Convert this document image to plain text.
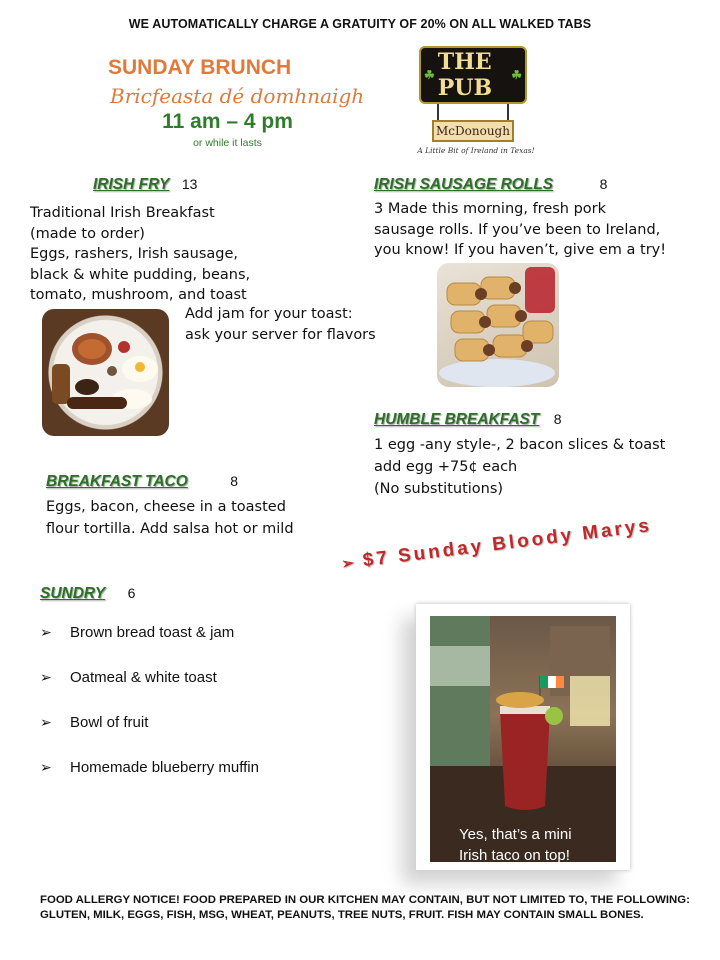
WE AUTOMATICALLY CHARGE A GRATUITY OF 20% ON ALL WALKED TABS
SUNDAY BRUNCH
Bricfeasta dé domhnaigh
11 am – 4 pm
or while it lasts
☘ THE PUB	☘
McDonough
A Little Bit of Ireland in Texas!
IRISH FRY 13
Traditional Irish Breakfast
(made to order)
Eggs, rashers, Irish sausage,
black & white pudding, beans,
tomato, mushroom, and toast
Add jam for your toast:
ask your server for flavors
IRISH SAUSAGE ROLLS	8
3 Made this morning, fresh pork
sausage rolls. If you’ve been to Ireland,
you know! If you haven’t, give em a try!
HUMBLE BREAKFAST 8
1 egg -any style-, 2 bacon slices & toast
add egg +75¢ each
(No substitutions)
BREAKFAST TACO	8
Eggs, bacon, cheese in a toasted
flour tortilla. Add salsa hot or mild
SUNDRY 6
➢	Brown bread toast & jam
➢	Oatmeal & white toast
➢	Bowl of fruit
➢	Homemade blueberry muffin
➢ $7 Sunday Bloody Marys
Yes, that’s a mini
Irish taco on top!
FOOD ALLERGY NOTICE! FOOD PREPARED IN OUR KITCHEN MAY CONTAIN, BUT NOT LIMITED TO, THE FOLLOWING: GLUTEN, MILK, EGGS, FISH, MSG, WHEAT, PEANUTS, TREE NUTS, FRUIT. FISH MAY CONTAIN SMALL BONES.
